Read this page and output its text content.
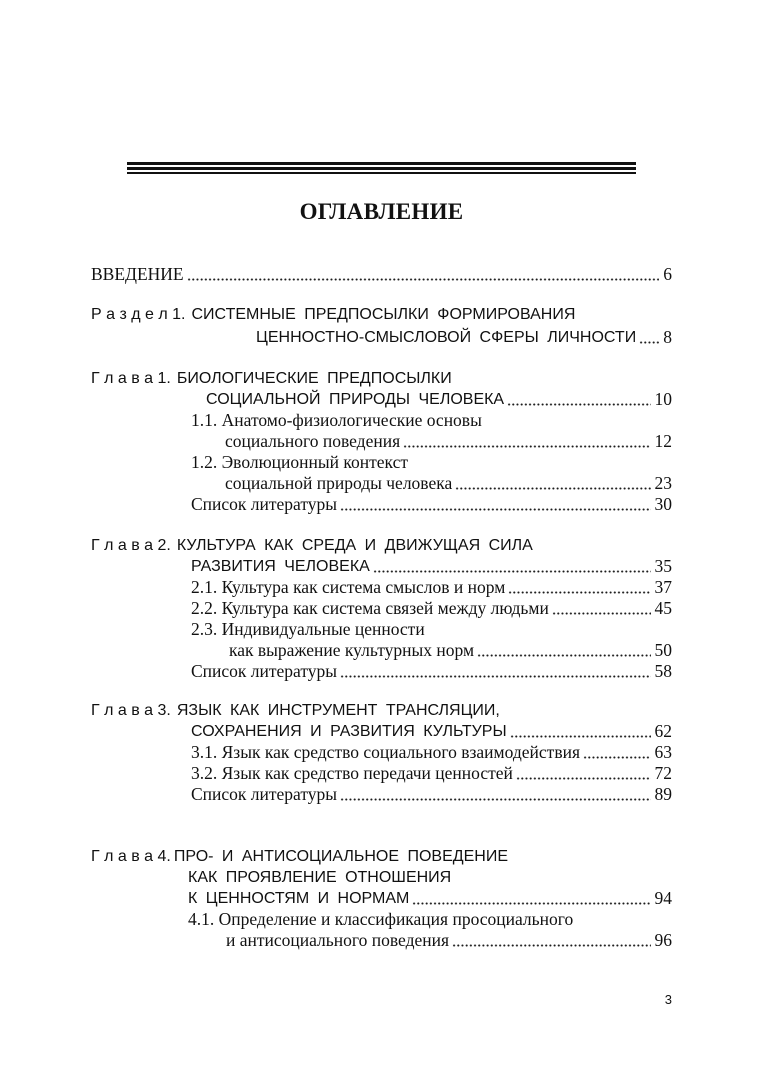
ОГЛАВЛЕНИЕ
ВВЕДЕНИЕ	6
Р а з д е л 1. СИСТЕМНЫЕ ПРЕДПОСЫЛКИ ФОРМИРОВАНИЯ
ЦЕННОСТНО-СМЫСЛОВОЙ СФЕРЫ ЛИЧНОСТИ 8
Г л а в а 1. БИОЛОГИЧЕСКИЕ ПРЕДПОСЫЛКИ
СОЦИАЛЬНОЙ ПРИРОДЫ ЧЕЛОВЕКА	10
1.1. Анатомо-физиологические основы
социального поведения	12
1.2. Эволюционный контекст
социальной природы человека	23
Список литературы	30
Г л а в а 2. КУЛЬТУРА КАК СРЕДА И ДВИЖУЩАЯ СИЛА
РАЗВИТИЯ ЧЕЛОВЕКА	35
2.1. Культура как система смыслов и норм	37
2.2. Культура как система связей между людьми	45
2.3. Индивидуальные ценности
как выражение культурных норм	50
Список литературы	58
Г л а в а 3. ЯЗЫК КАК ИНСТРУМЕНТ ТРАНСЛЯЦИИ,
СОХРАНЕНИЯ И РАЗВИТИЯ КУЛЬТУРЫ	62
3.1. Язык как средство социального взаимодействия	63
3.2. Язык как средство передачи ценностей	72
Список литературы	89
Г л а в а 4. ПРО- И АНТИСОЦИАЛЬНОЕ ПОВЕДЕНИЕ
КАК ПРОЯВЛЕНИЕ ОТНОШЕНИЯ
К ЦЕННОСТЯМ И НОРМАМ	94
4.1. Определение и классификация просоциального
и антисоциального поведения	96
3
